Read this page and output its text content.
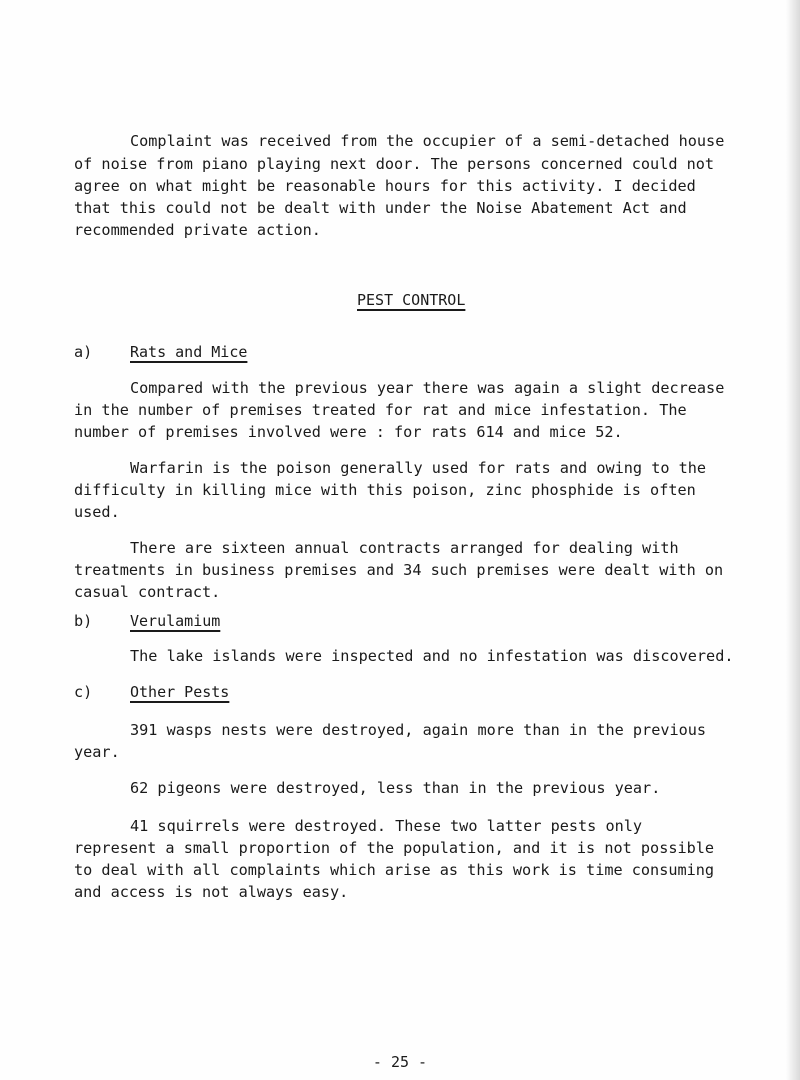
Complaint was received from the occupier of a semi-detached house
of noise from piano playing next door. The persons concerned could not
agree on what might be reasonable hours for this activity. I decided
that this could not be dealt with under the Noise Abatement Act and
recommended private action.
PEST CONTROL
a)	Rats and Mice
Compared with the previous year there was again a slight decrease
in the number of premises treated for rat and mice infestation. The
number of premises involved were : for rats 614 and mice 52.
Warfarin is the poison generally used for rats and owing to the
difficulty in killing mice with this poison, zinc phosphide is often
used.
There are sixteen annual contracts arranged for dealing with
treatments in business premises and 34 such premises were dealt with on
casual contract.
b)	Verulamium
The lake islands were inspected and no infestation was discovered.
c)	Other Pests
391 wasps nests were destroyed, again more than in the previous
year.
62 pigeons were destroyed, less than in the previous year.
41 squirrels were destroyed. These two latter pests only
represent a small proportion of the population, and it is not possible
to deal with all complaints which arise as this work is time consuming
and access is not always easy.
- 25 -
